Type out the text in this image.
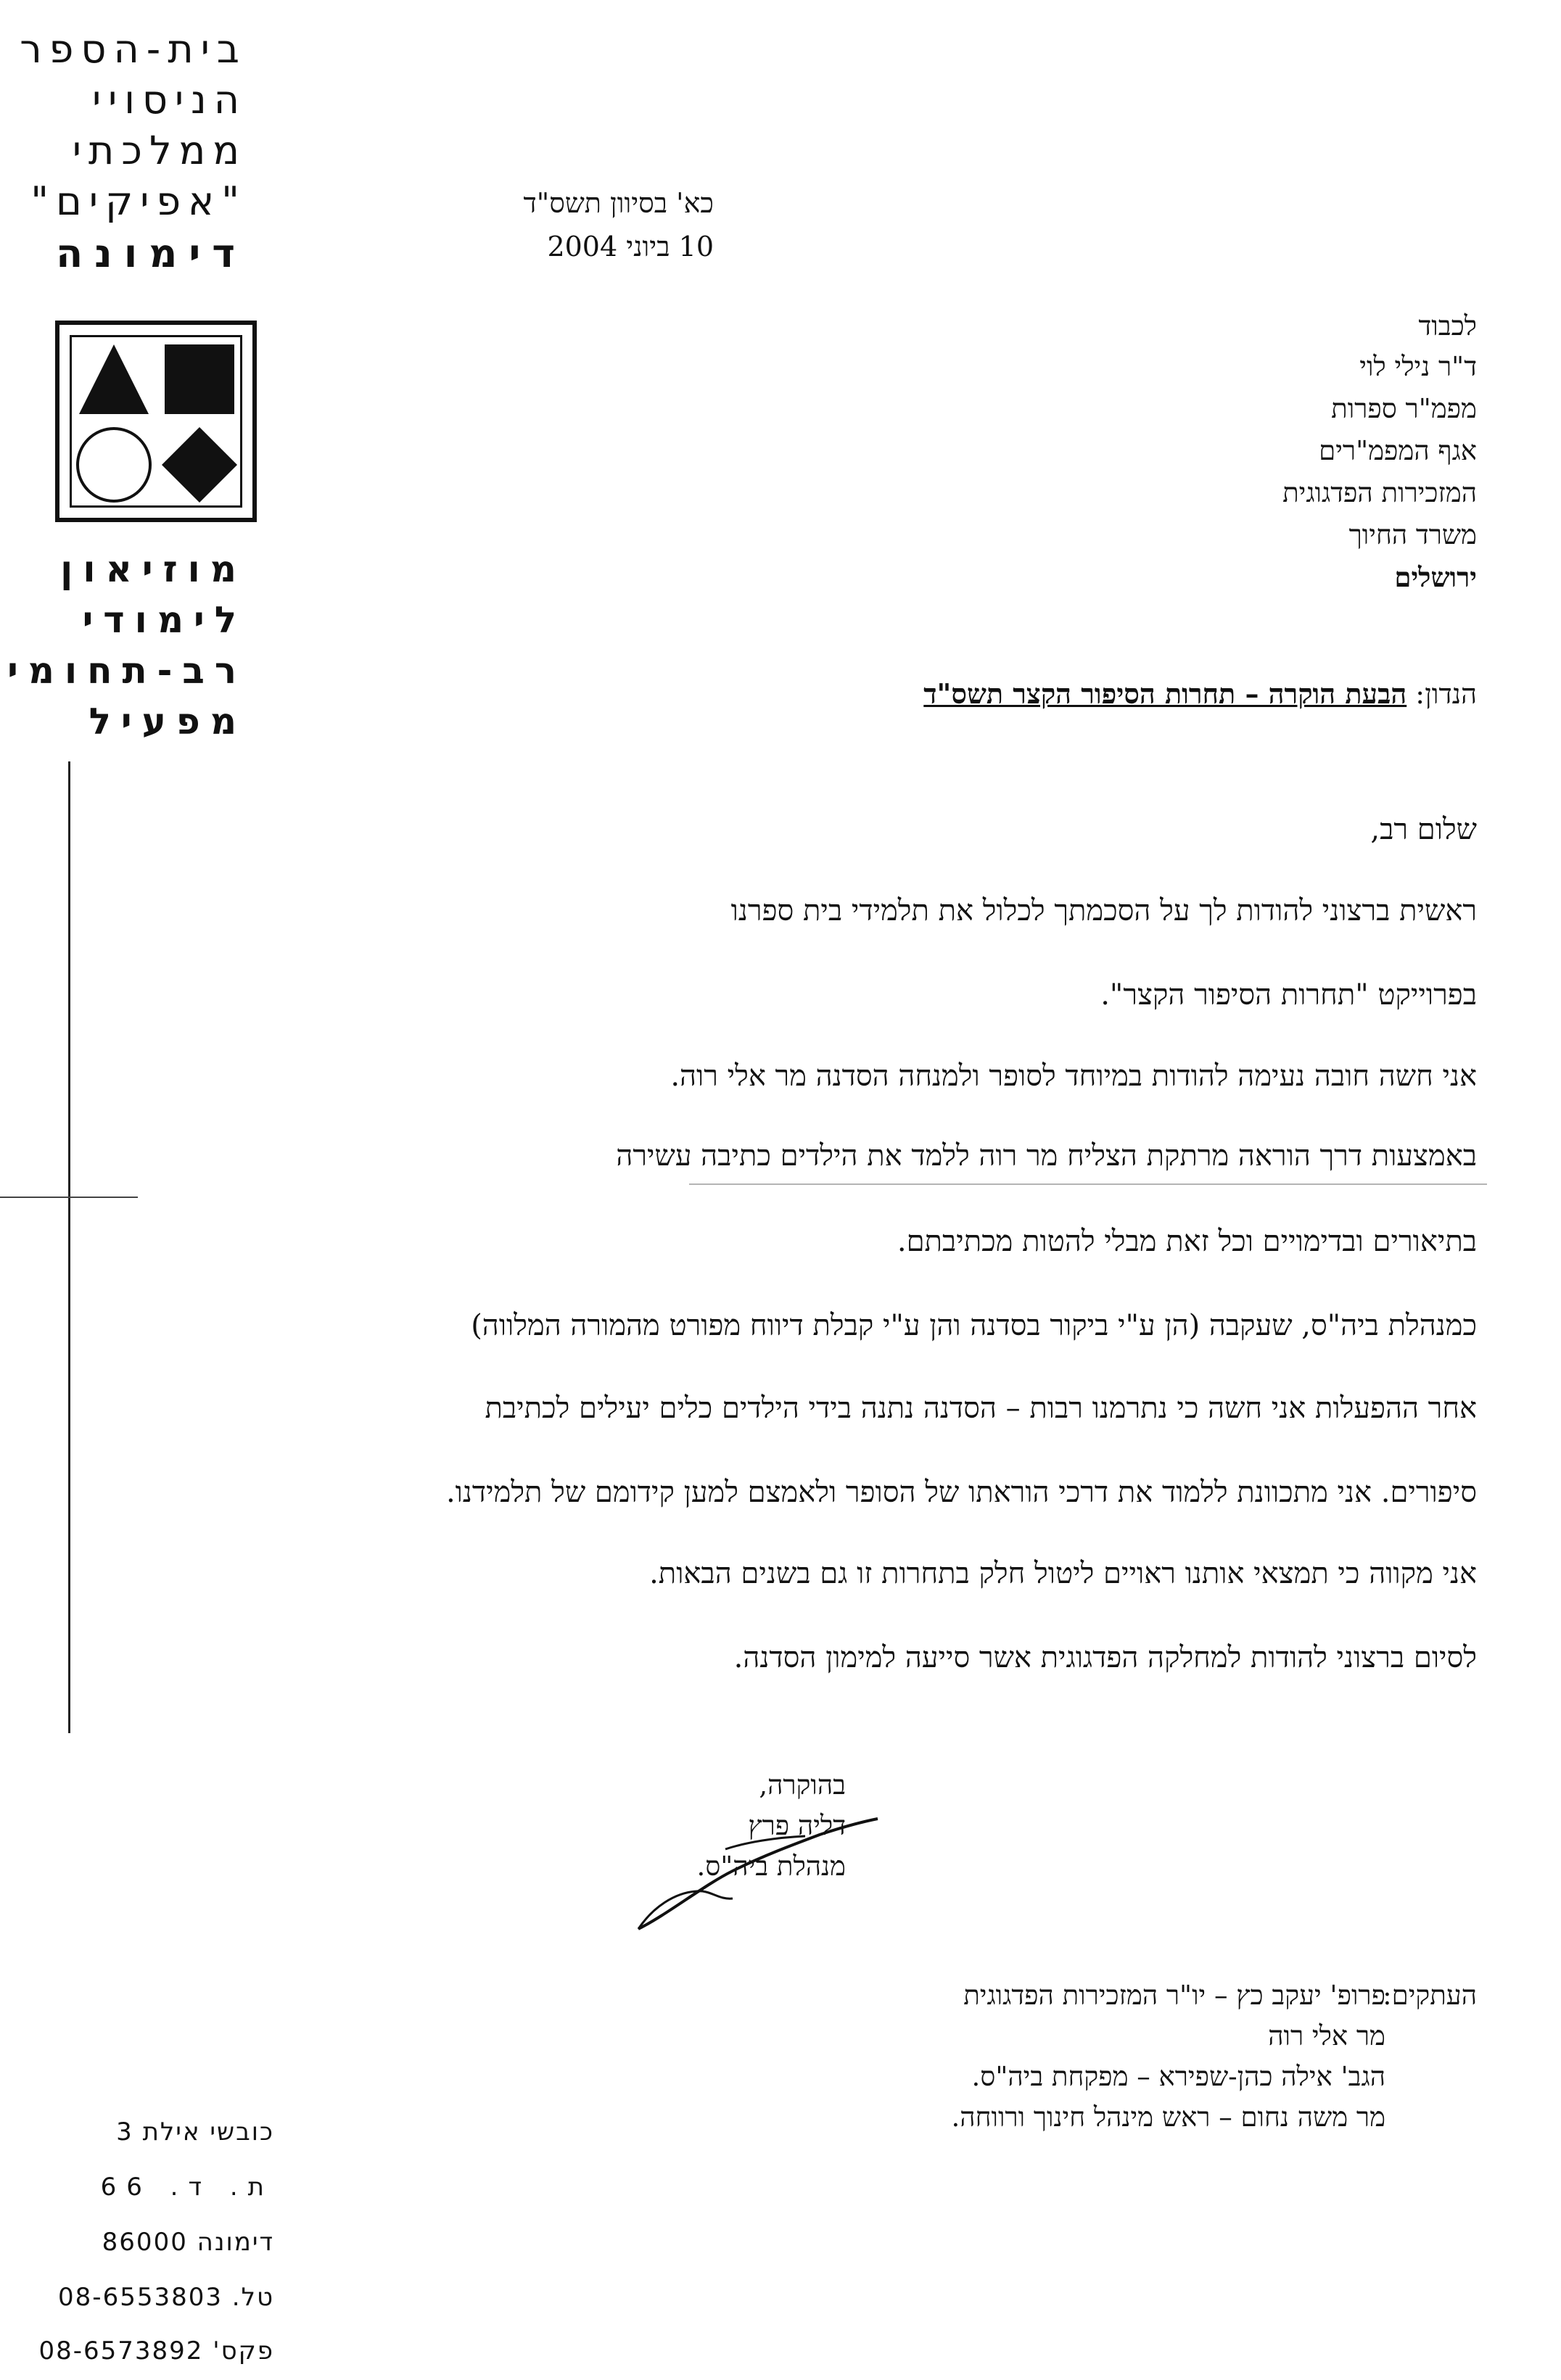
בית-הספר
הניסויי
ממלכתי
"אפיקים"
דימונה
מוזיאון
לימודי
רב-תחומי
מפעיל
כובשי אילת 3
ת. ד. 66
דימונה 86000
טל. 08-6553803
פקס' 08-6573892
כא' בסיוון תשס"ד
10 ביוני 2004
לכבוד
ד"ר נילי לוי
מפמ"ר ספרות
אגף המפמ"רים
המזכירות הפדגוגית
משרד החיוך
ירושלים
הנדון: הבעת הוקרה – תחרות הסיפור הקצר תשס"ד
שלום רב,
ראשית ברצוני להודות לך על הסכמתך לכלול את תלמידי בית ספרנו
בפרוייקט "תחרות הסיפור הקצר".
אני חשה חובה נעימה להודות במיוחד לסופר ולמנחה הסדנה מר אלי רוה.
באמצעות דרך הוראה מרתקת הצליח מר רוה ללמד את הילדים כתיבה עשירה
בתיאורים ובדימויים וכל זאת מבלי להטות מכתיבתם.
כמנהלת ביה"ס, שעקבה (הן ע"י ביקור בסדנה והן ע"י קבלת דיווח מפורט מהמורה המלווה)
אחר ההפעלות אני חשה כי נתרמנו רבות – הסדנה נתנה בידי הילדים כלים יעילים לכתיבת
סיפורים. אני מתכוונת ללמוד את דרכי הוראתו של הסופר ולאמצם למען קידומם של תלמידנו.
אני מקווה כי תמצאי אותנו ראויים ליטול חלק בתחרות זו גם בשנים הבאות.
לסיום ברצוני להודות למחלקה הפדגוגית אשר סייעה למימון הסדנה.
בהוקרה,
דליה פרץ
מנהלת ביה"ס.
העתקים:
פרופ' יעקב כץ – יו"ר המזכירות הפדגוגית
מר אלי רוה
הגב' אילה כהן-שפירא – מפקחת ביה"ס.
מר משה נחום – ראש מינהל חינוך ורווחה.
